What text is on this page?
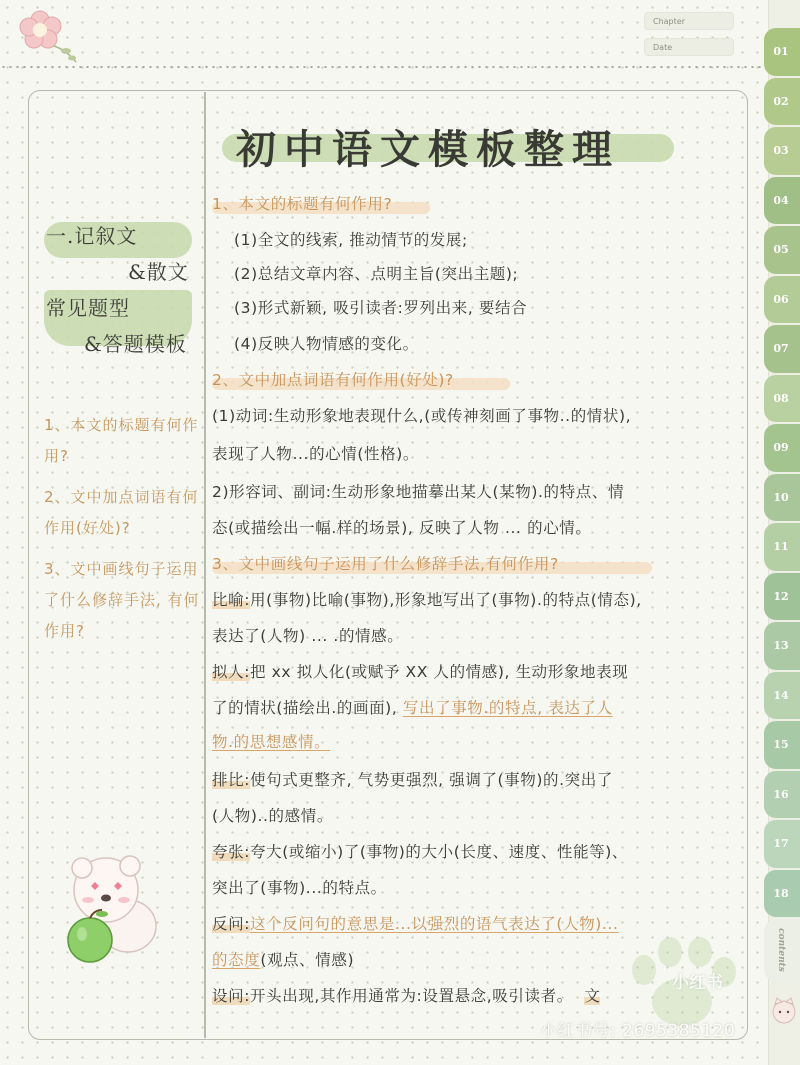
Chapter
Date
初中语文模板整理
一.记叙文
&散文
常见题型
&答题模板
1、本文的标题有何作用?
2、文中加点词语有何作用(好处)?
3、文中画线句子运用了什么修辞手法, 有何作用?
1、本文的标题有何作用?
(1)全文的线索, 推动情节的发展;
(2)总结文章内容、点明主旨(突出主题);
(3)形式新颖, 吸引读者:罗列出来, 要结合
(4)反映人物情感的变化。
2、文中加点词语有何作用(好处)?
(1)动词:生动形象地表现什么,(或传神刻画了事物..的情状),
表现了人物...的心情(性格)。
2)形容词、副词:生动形象地描摹出某人(某物).的特点、情
态(或描绘出一幅.样的场景), 反映了人物 ... 的心情。
3、文中画线句子运用了什么修辞手法,有何作用?
比喻:用(事物)比喻(事物),形象地写出了(事物).的特点(情态),
表达了(人物) ... .的情感。
拟人:把 xx 拟人化(或赋予 XX 人的情感), 生动形象地表现
了的情状(描绘出.的画面), 写出了事物.的特点, 表达了人
物.的思想感情。
排比:使句式更整齐, 气势更强烈, 强调了(事物)的.突出了
(人物)..的感情。
夸张:夸大(或缩小)了(事物)的大小(长度、速度、性能等)、
突出了(事物)...的特点。
反问:这个反问句的意思是...以强烈的语气表达了(人物)...
的态度(观点、情感)
设问:开头出现,其作用通常为:设置悬念,吸引读者。 文
小红书
小红书号: 2695385120
01
02
03
04
05
06
07
08
09
10
11
12
13
14
15
16
17
18
contents
